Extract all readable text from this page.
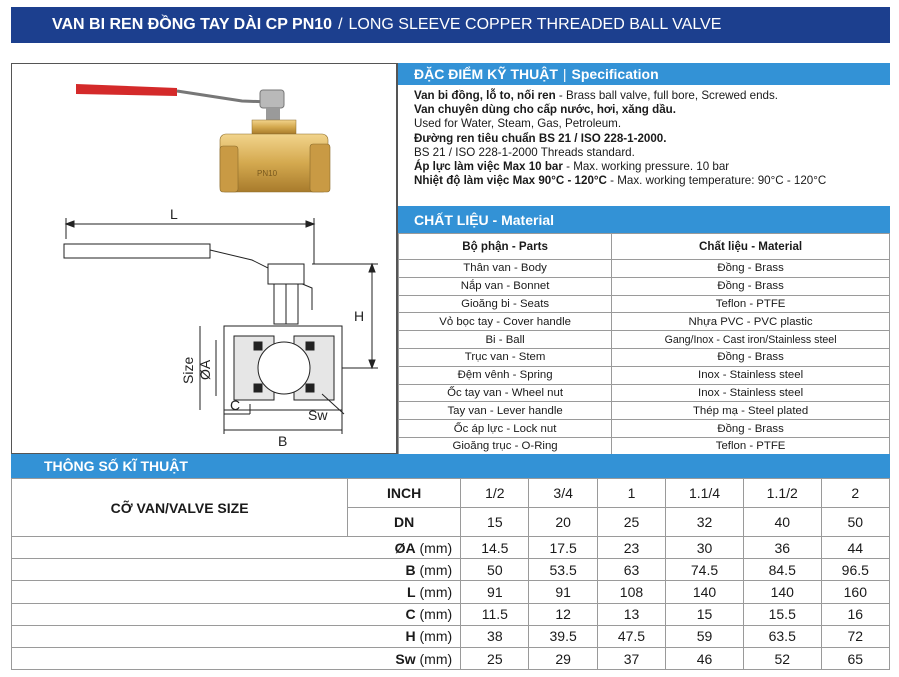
VAN BI REN ĐỒNG TAY DÀI CP PN10 / LONG SLEEVE COPPER THREADED BALL VALVE
PN10
L
H
Size ØA
C
B
Sw
ĐẶC ĐIỂM KỸ THUẬT | Specification
Van bi đồng, lỗ to, nối ren - Brass ball valve, full bore, Screwed ends.
Van chuyên dùng cho cấp nước, hơi, xăng dầu.
Used for Water, Steam, Gas, Petroleum.
Đường ren tiêu chuẩn BS 21 / ISO 228-1-2000.
BS 21 / ISO 228-1-2000 Threads standard.
Áp lực làm việc Max 10 bar - Max. working pressure. 10 bar
Nhiệt độ làm việc Max 90°C - 120°C - Max. working temperature: 90°C - 120°C
CHẤT LIỆU - Material
Bộ phận - Parts	Chất liệu - Material
Thân van - Body	Đồng - Brass
Nắp van - Bonnet	Đồng - Brass
Gioăng bi - Seats	Teflon - PTFE
Vỏ bọc tay - Cover handle	Nhựa PVC - PVC plastic
Bi - Ball	Gang/Inox - Cast iron/Stainless steel
Trục van - Stem	Đồng - Brass
Đệm vênh - Spring	Inox - Stainless steel
Ốc tay van - Wheel nut	Inox - Stainless steel
Tay van - Lever handle	Thép mạ - Steel plated
Ốc áp lực - Lock nut	Đồng - Brass
Gioăng trục - O-Ring	Teflon - PTFE
THÔNG SỐ KĨ THUẬT
CỠ VAN/VALVE SIZE	INCH	1/2	3/4	1	1.1/4	1.1/2	2
	DN	15	20	25	32	40	50
ØA (mm)		14.5	17.5	23	30	36	44
B (mm)		50	53.5	63	74.5	84.5	96.5
L (mm)		91	91	108	140	140	160
C (mm)		11.5	12	13	15	15.5	16
H (mm)		38	39.5	47.5	59	63.5	72
Sw (mm)		25	29	37	46	52	65
